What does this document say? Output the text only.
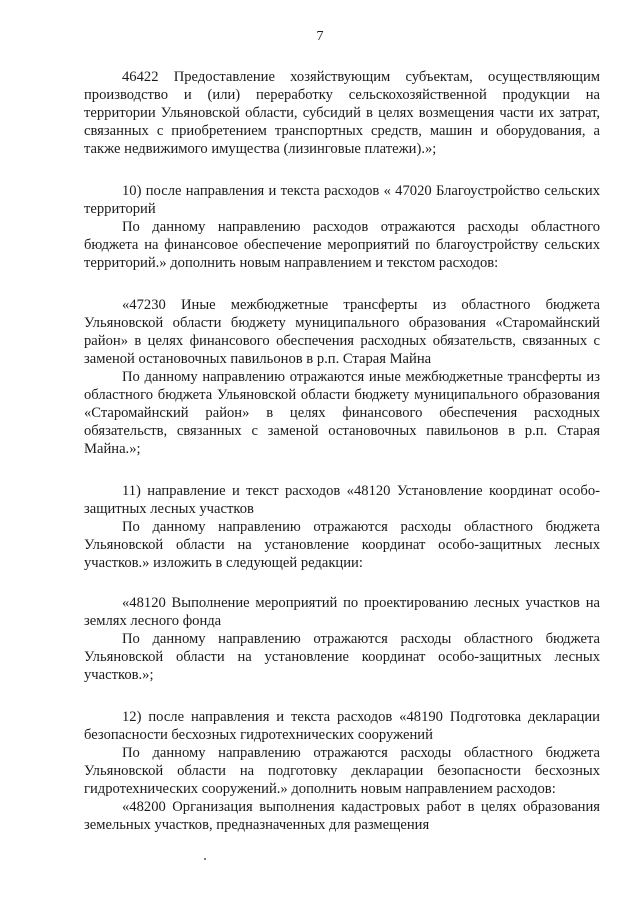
7

46422 Предоставление хозяйствующим субъектам, осуществляющим производство и (или) переработку сельскохозяйственной продукции на территории Ульяновской области, субсидий в целях возмещения части их затрат, связанных с приобретением транспортных средств, машин и оборудования, а также недвижимого имущества (лизинговые платежи).»;

10) после направления и текста расходов « 47020 Благоустройство сельских территорий

По данному направлению расходов отражаются расходы областного бюджета на финансовое обеспечение мероприятий по благоустройству сельских территорий.» дополнить новым направлением и текстом расходов:

«47230 Иные межбюджетные трансферты из областного бюджета Ульяновской области бюджету муниципального образования «Старомайнский район» в целях финансового обеспечения расходных обязательств, связанных с заменой остановочных павильонов в р.п. Старая Майна

По данному направлению отражаются иные межбюджетные трансферты из областного бюджета Ульяновской области бюджету муниципального образования «Старомайнский район» в целях финансового обеспечения расходных обязательств, связанных с заменой остановочных павильонов в р.п. Старая Майна.»;

11) направление и текст расходов «48120 Установление координат особо-защитных лесных участков

По данному направлению отражаются расходы областного бюджета Ульяновской области на установление координат особо-защитных лесных участков.» изложить в следующей редакции:

«48120 Выполнение мероприятий по проектированию лесных участков на землях лесного фонда

По данному направлению отражаются расходы областного бюджета Ульяновской области на установление координат особо-защитных лесных участков.»;

12) после направления и текста расходов «48190 Подготовка декларации безопасности бесхозных гидротехнических сооружений

По данному направлению отражаются расходы областного бюджета Ульяновской области на подготовку декларации безопасности бесхозных гидротехнических сооружений.» дополнить новым направлением расходов:

«48200 Организация выполнения кадастровых работ в целях образования земельных участков, предназначенных для размещения
